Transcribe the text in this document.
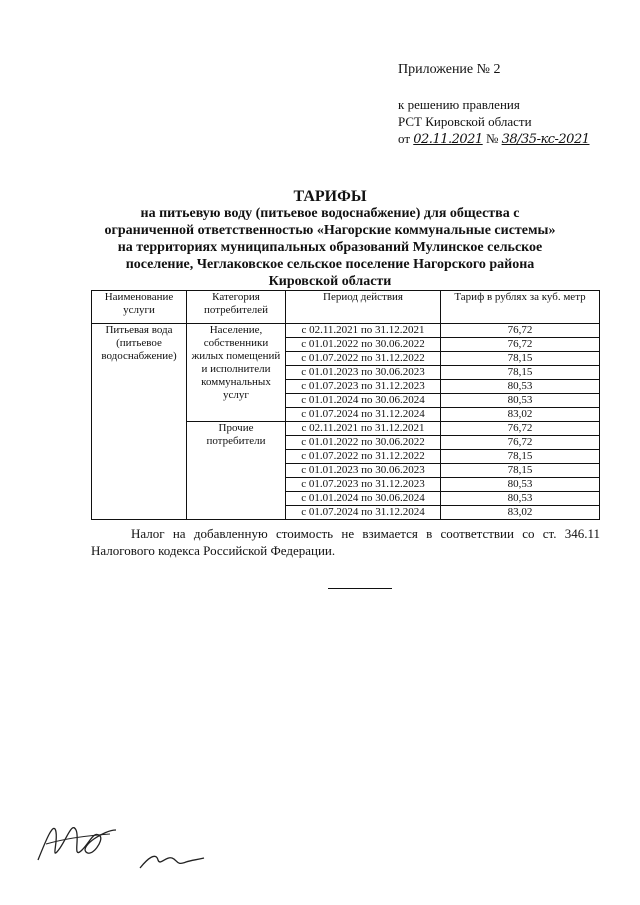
Приложение № 2
к решению правления
РСТ Кировской области
от 02.11.2021 № 38/35-кс-2021
ТАРИФЫ
на питьевую воду (питьевое водоснабжение) для общества с
ограниченной ответственностью «Нагорские коммунальные системы»
на территориях муниципальных образований Мулинское сельское
поселение, Чеглаковское сельское поселение Нагорского района
Кировской области
Наименование услуги	Категория потребителей	Период действия	Тариф в рублях за куб. метр
Питьевая вода (питьевое водоснабжение)	Население, собственники жилых помещений и исполнители коммунальных услуг	с 02.11.2021 по 31.12.2021	76,72
		с 01.01.2022 по 30.06.2022	76,72
		с 01.07.2022 по 31.12.2022	78,15
		с 01.01.2023 по 30.06.2023	78,15
		с 01.07.2023 по 31.12.2023	80,53
		с 01.01.2024 по 30.06.2024	80,53
		с 01.07.2024 по 31.12.2024	83,02
	Прочие потребители	с 02.11.2021 по 31.12.2021	76,72
		с 01.01.2022 по 30.06.2022	76,72
		с 01.07.2022 по 31.12.2022	78,15
		с 01.01.2023 по 30.06.2023	78,15
		с 01.07.2023 по 31.12.2023	80,53
		с 01.01.2024 по 30.06.2024	80,53
		с 01.07.2024 по 31.12.2024	83,02
Налог на добавленную стоимость не взимается в соответствии со ст. 346.11 Налогового кодекса Российской Федерации.
